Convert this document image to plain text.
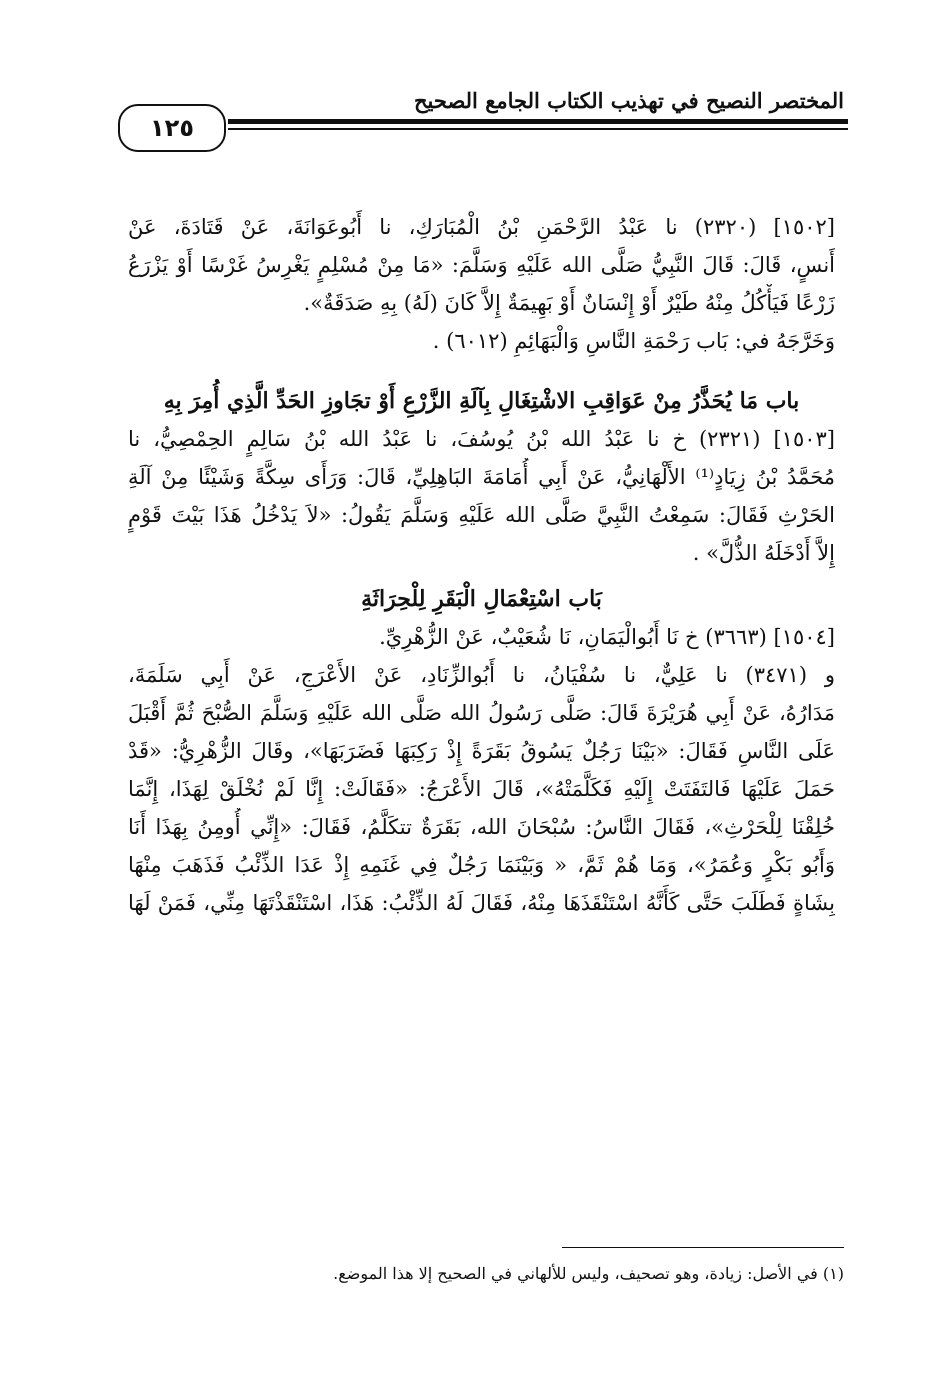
المختصر النصيح في تهذيب الكتاب الجامع الصحيح
١٢٥
[١٥٠٢] (٢٣٢٠) نا عَبْدُ الرَّحْمَنِ بْنُ الْمُبَارَكِ، نا أَبُوعَوَانَةَ، عَنْ قَتَادَةَ، عَنْ
أَنسٍ، قَالَ: قَالَ النَّبِيُّ صَلَّى الله عَلَيْهِ وَسَلَّمَ: «مَا مِنْ مُسْلِمٍ يَغْرِسُ غَرْسًا أَوْ يَزْرَعُ
زَرْعًا فَيَأْكُلُ مِنْهُ طَيْرٌ أَوْ إِنْسَانٌ أَوْ بَهِيمَةٌ إِلاَّ كَانَ (لَهُ) بِهِ صَدَقَةٌ».
وَخَرَّجَهُ في: بَاب رَحْمَةِ النَّاسِ وَالْبَهَائِمِ (٦٠١٢) .
باب مَا يُحَذَّرُ مِنْ عَوَاقِبِ الاشْتِغَالِ بِآلَةِ الزَّرْعِ أَوْ تجَاوزِ الحَدِّ الَّذِي أُمِرَ بِهِ
[١٥٠٣] (٢٣٢١) خ نا عَبْدُ الله بْنُ يُوسُفَ، نا عَبْدُ الله بْنُ سَالِمٍ الحِمْصِيُّ، نا
مُحَمَّدُ بْنُ زِيَادٍ⁽¹⁾ الأَلْهَانِيُّ، عَنْ أَبِي أُمَامَةَ البَاهِلِيِّ، قَالَ: وَرَأَى سِكَّةً وَشَيْئًا مِنْ آلَةِ
الحَرْثِ فَقَالَ: سَمِعْتُ النَّبِيَّ صَلَّى الله عَلَيْهِ وَسَلَّمَ يَقُولُ: «لاَ يَدْخُلُ هَذَا بَيْتَ قَوْمٍ
إِلاَّ أَدْخَلَهُ الذُّلَّ» .
بَاب اسْتِعْمَالِ الْبَقَرِ لِلْحِرَاثَةِ
[١٥٠٤] (٣٦٦٣) خ نَا أَبُوالْيَمَانِ، نَا شُعَيْبٌ، عَنْ الزُّهْرِيِّ.
و (٣٤٧١) نا عَلِيٌّ، نا سُفْيَانُ، نا أَبُوالزِّنَادِ، عَنْ الأَعْرَجِ، عَنْ أَبِي سَلَمَةَ،
مَدَارُهُ، عَنْ أَبِي هُرَيْرَةَ قَالَ: صَلَّى رَسُولُ الله صَلَّى الله عَلَيْهِ وَسَلَّمَ الصُّبْحَ ثُمَّ أَقْبَلَ
عَلَى النَّاسِ فَقَالَ: «بَيْنَا رَجُلٌ يَسُوقُ بَقَرَةً إِذْ رَكِبَهَا فَضَرَبَهَا»، وقَالَ الزُّهْرِيُّ: «قَدْ
حَمَلَ عَلَيْهَا فَالتَفَتَتْ إِلَيْهِ فَكَلَّمَتْهُ»، قَالَ الأَعْرَجُ: «فَقَالَتْ: إِنَّا لَمْ نُخْلَقْ لِهَذَا، إِنَّمَا
خُلِقْنَا لِلْحَرْثِ»، فَقَالَ النَّاسُ: سُبْحَانَ الله، بَقَرَةٌ تتكَلَّمُ، فَقَالَ: «إِنِّي أُومِنُ بِهَذَا أَنَا
وَأَبُو بَكْرٍ وَعُمَرُ»، وَمَا هُمْ ثَمَّ، « وَبَيْنَمَا رَجُلٌ فِي غَنَمِهِ إِذْ عَدَا الذِّئْبُ فَذَهَبَ مِنْهَا
بِشَاةٍ فَطَلَبَ حَتَّى كَأَنَّهُ اسْتَنْقَذَهَا مِنْهُ، فَقَالَ لَهُ الذِّئْبُ: هَذَا، اسْتَنْقَذْتَهَا مِنِّي، فَمَنْ لَهَا
(١) في الأصل: زيادة، وهو تصحيف، وليس للألهاني في الصحيح إلا هذا الموضع.
